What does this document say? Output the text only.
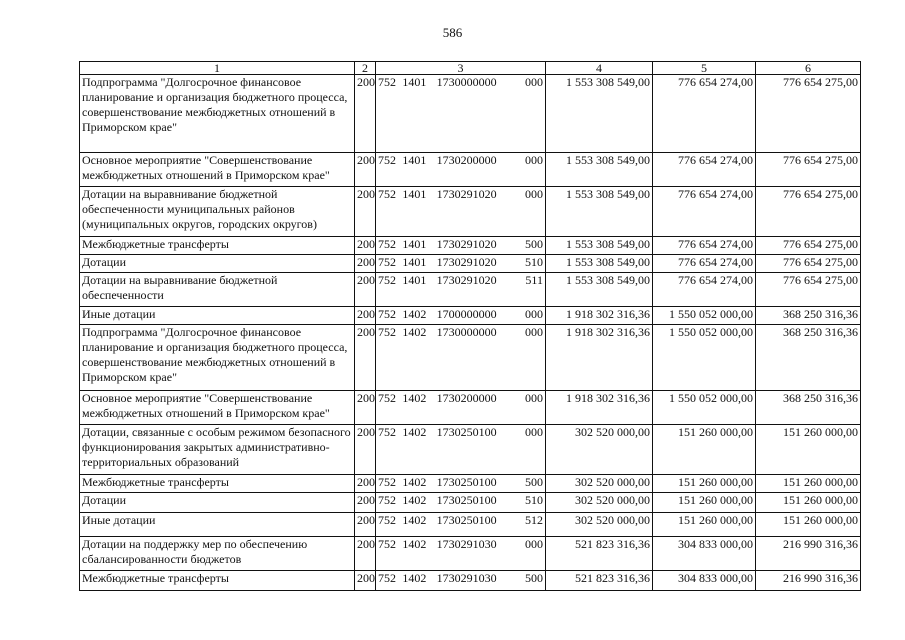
586
1	2	3	4	5	6
Подпрограмма "Долгосрочное финансовое планирование и организация бюджетного процесса, совершенствование межбюджетных отношений в Приморском крае"	200	752 1401 1730000000 000	1 553 308 549,00	776 654 274,00	776 654 275,00
Основное мероприятие "Совершенствование межбюджетных отношений в Приморском крае"	200	752 1401 1730200000 000	1 553 308 549,00	776 654 274,00	776 654 275,00
Дотации на выравнивание бюджетной обеспеченности муниципальных районов (муниципальных округов, городских округов)	200	752 1401 1730291020 000	1 553 308 549,00	776 654 274,00	776 654 275,00
Межбюджетные трансферты	200	752 1401 1730291020 500	1 553 308 549,00	776 654 274,00	776 654 275,00
Дотации	200	752 1401 1730291020 510	1 553 308 549,00	776 654 274,00	776 654 275,00
Дотации на выравнивание бюджетной обеспеченности	200	752 1401 1730291020 511	1 553 308 549,00	776 654 274,00	776 654 275,00
Иные дотации	200	752 1402 1700000000 000	1 918 302 316,36	1 550 052 000,00	368 250 316,36
Подпрограмма "Долгосрочное финансовое планирование и организация бюджетного процесса, совершенствование межбюджетных отношений в Приморском крае"	200	752 1402 1730000000 000	1 918 302 316,36	1 550 052 000,00	368 250 316,36
Основное мероприятие "Совершенствование межбюджетных отношений в Приморском крае"	200	752 1402 1730200000 000	1 918 302 316,36	1 550 052 000,00	368 250 316,36
Дотации, связанные с особым режимом безопасного функционирования закрытых административно-территориальных образований	200	752 1402 1730250100 000	302 520 000,00	151 260 000,00	151 260 000,00
Межбюджетные трансферты	200	752 1402 1730250100 500	302 520 000,00	151 260 000,00	151 260 000,00
Дотации	200	752 1402 1730250100 510	302 520 000,00	151 260 000,00	151 260 000,00
Иные дотации	200	752 1402 1730250100 512	302 520 000,00	151 260 000,00	151 260 000,00
Дотации на поддержку мер по обеспечению сбалансированности бюджетов	200	752 1402 1730291030 000	521 823 316,36	304 833 000,00	216 990 316,36
Межбюджетные трансферты	200	752 1402 1730291030 500	521 823 316,36	304 833 000,00	216 990 316,36
